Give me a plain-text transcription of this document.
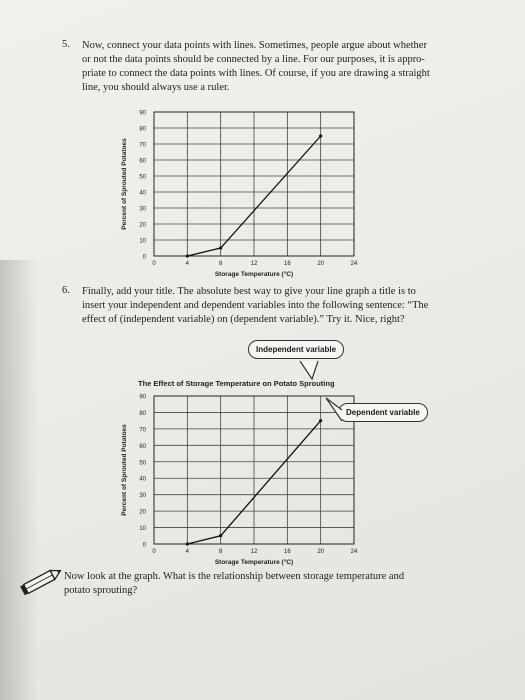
5. Now, connect your data points with lines. Sometimes, people argue about whether
or not the data points should be connected by a line. For our purposes, it is appro-
priate to connect the data points with lines. Of course, if you are drawing a straight
line, you should always use a ruler.
0
10
20
30
40
50
60
70
80
90
0	4	8	12	16	20	24
Storage Temperature (°C)
Percent of Sprouted Potatoes
6. Finally, add your title. The absolute best way to give your line graph a title is to
insert your independent and dependent variables into the following sentence: “The
effect of (independent variable) on (dependent variable).” Try it. Nice, right?
The Effect of Storage Temperature on Potato Sprouting
0
10
20
30
40
50
60
70
80
90
0	4	8	12	16	20	24
Storage Temperature (°C)
Percent of Sprouted Potatoes
Independent variable
Dependent variable
Now look at the graph. What is the relationship between storage temperature and
potato sprouting?
